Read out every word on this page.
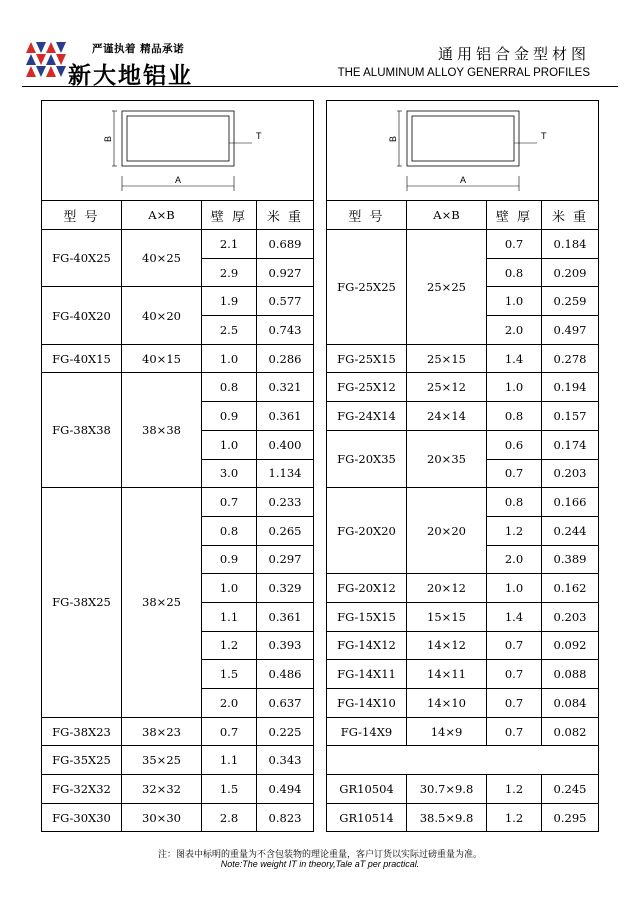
严谨执着 精品承诺
新大地铝业
通用铝合金型材图
THE ALUMINUM ALLOY GENERRAL PROFILES
A
B T			

型 号	A×B	壁 厚	米 重
FG-40X25	40×25	2.1	0.689
		2.9	0.927
FG-40X20	40×20	1.9	0.577
		2.5	0.743
FG-40X15	40×15	1.0	0.286
FG-38X38	38×38	0.8	0.321
		0.9	0.361
		1.0	0.400
		3.0	1.134
FG-38X25	38×25	0.7	0.233
		0.8	0.265
		0.9	0.297
		1.0	0.329
		1.1	0.361
		1.2	0.393
		1.5	0.486
		2.0	0.637
FG-38X23	38×23	0.7	0.225
FG-35X25	35×25	1.1	0.343
FG-32X32	32×32	1.5	0.494
FG-30X30	30×30	2.8	0.823
A
B T			

型 号	A×B	壁 厚	米 重
FG-25X25	25×25	0.7	0.184
		0.8	0.209
		1.0	0.259
		2.0	0.497
FG-25X15	25×15	1.4	0.278
FG-25X12	25×12	1.0	0.194
FG-24X14	24×14	0.8	0.157
FG-20X35	20×35	0.6	0.174
		0.7	0.203
FG-20X20	20×20	0.8	0.166
		1.2	0.244
		2.0	0.389
FG-20X12	20×12	1.0	0.162
FG-15X15	15×15	1.4	0.203
FG-14X12	14×12	0.7	0.092
FG-14X11	14×11	0.7	0.088
FG-14X10	14×10	0.7	0.084
FG-14X9	14×9	0.7	0.082

GR10504	30.7×9.8	1.2	0.245
GR10514	38.5×9.8	1.2	0.295
注：图表中标明的重量为不含包装物的理论重量，客户订货以实际过磅重量为准。
Note:The weight IT in theory,Tale aT per practical.
